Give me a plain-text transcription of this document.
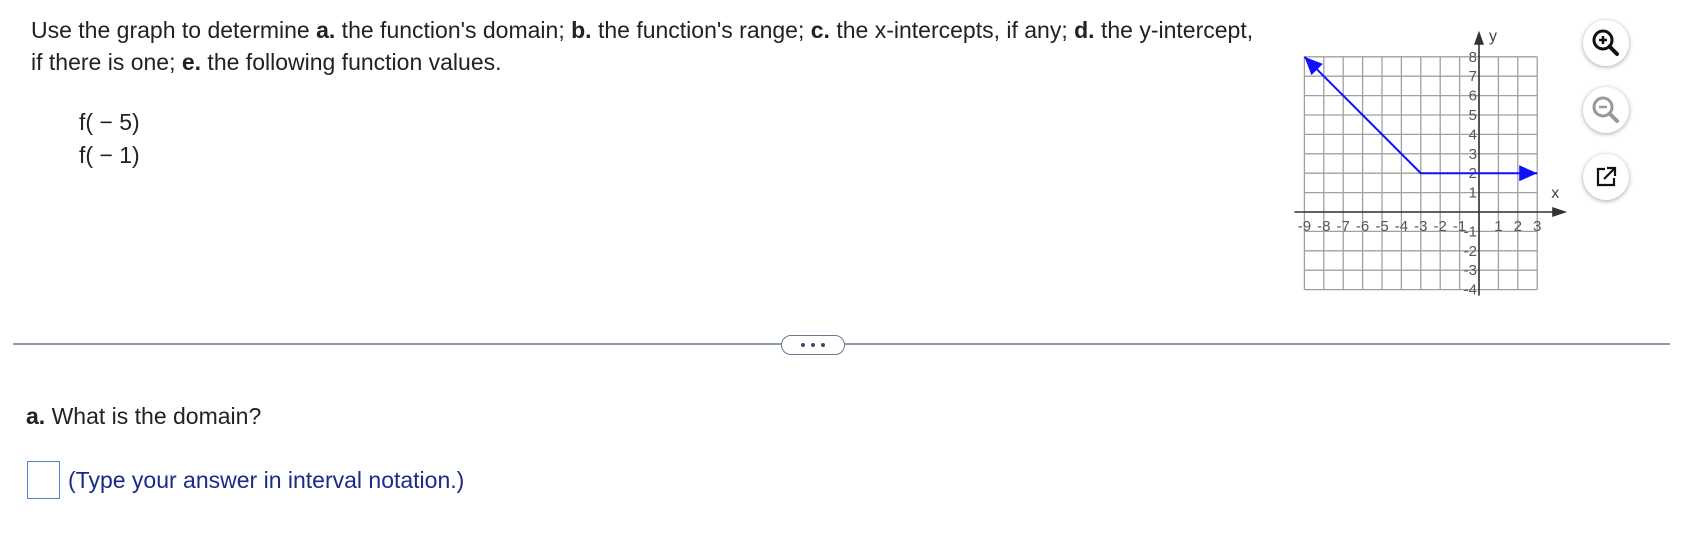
Use the graph to determine a. the function's domain; b. the function's range; c. the x-intercepts, if any; d. the y-intercept, if there is one; e. the following function values.
f( − 5)
f( − 1)
x
y
-9 -8 -7 -6 -5 -4 -3 -2 -1 1 2 3
8
7
6
5
4
3
2
1
-1
-2
-3
-4
a. What is the domain?
(Type your answer in interval notation.)
